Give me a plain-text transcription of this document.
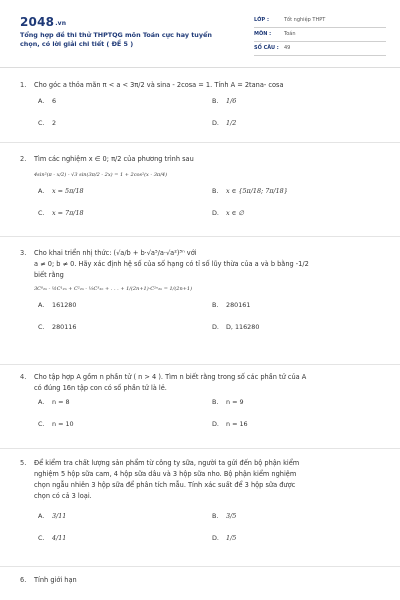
2048.vn
Tổng hợp đề thi thử THPTQG môn Toán cực hay tuyển chọn, có lời giải chi tiết ( ĐỀ 5 )
LỚP :	Tốt nghiệp THPT
MÔN :	Toán
SỐ CÂU : 49
1. Cho góc a thỏa mãn π < a < 3π/2 và sina - 2cosa = 1. Tính A = 2tana- cosa
A. 6	B. 1/6
C. 2	D. 1/2
2. Tìm các nghiệm x ∈ 0; π/2 của phương trình sau
4sin²(π - x/2) - √3 sin(3π/2 - 2x) = 1 + 2cos²(x - 3π/4)
A. x = 5π/18	B. x ∈ {5π/18; 7π/18}
C. x = 7π/18	D. x ∈ ∅
3. Cho khai triển nhị thức: (√a/b + b·√a⁵/a·√a²)³ⁿ với
a ≠ 0; b ≠ 0. Hãy xác định hệ số của số hạng có tỉ số lũy thừa của a và b bằng -1/2
biết rằng
3C⁰₂ₙ - ½C¹₂ₙ + C²₂ₙ - ⅓C³₂ₙ + . . . + 1/(2n+1)·C²ⁿ₂ₙ = 1/(2n+1)
A. 161280	B. 280161
C. 280116	D. D, 116280
4. Cho tập hợp A gồm n phần tử ( n > 4 ). Tìm n biết rằng trong số các phần tử của A
có đúng 16n tập con có số phần tử là lẻ.
A. n = 8	B. n = 9
C. n = 10	D. n = 16
5. Để kiểm tra chất lượng sản phẩm từ công ty sữa, người ta gửi đến bộ phận kiểm
nghiệm 5 hộp sữa cam, 4 hộp sữa dâu và 3 hộp sữa nho. Bộ phận kiểm nghiệm
chọn ngẫu nhiên 3 hộp sữa để phân tích mẫu. Tính xác suất để 3 hộp sữa được
chọn có cả 3 loại.
A. 3/11	B. 3/5
C. 4/11	D. 1/5
6. Tính giới hạn
